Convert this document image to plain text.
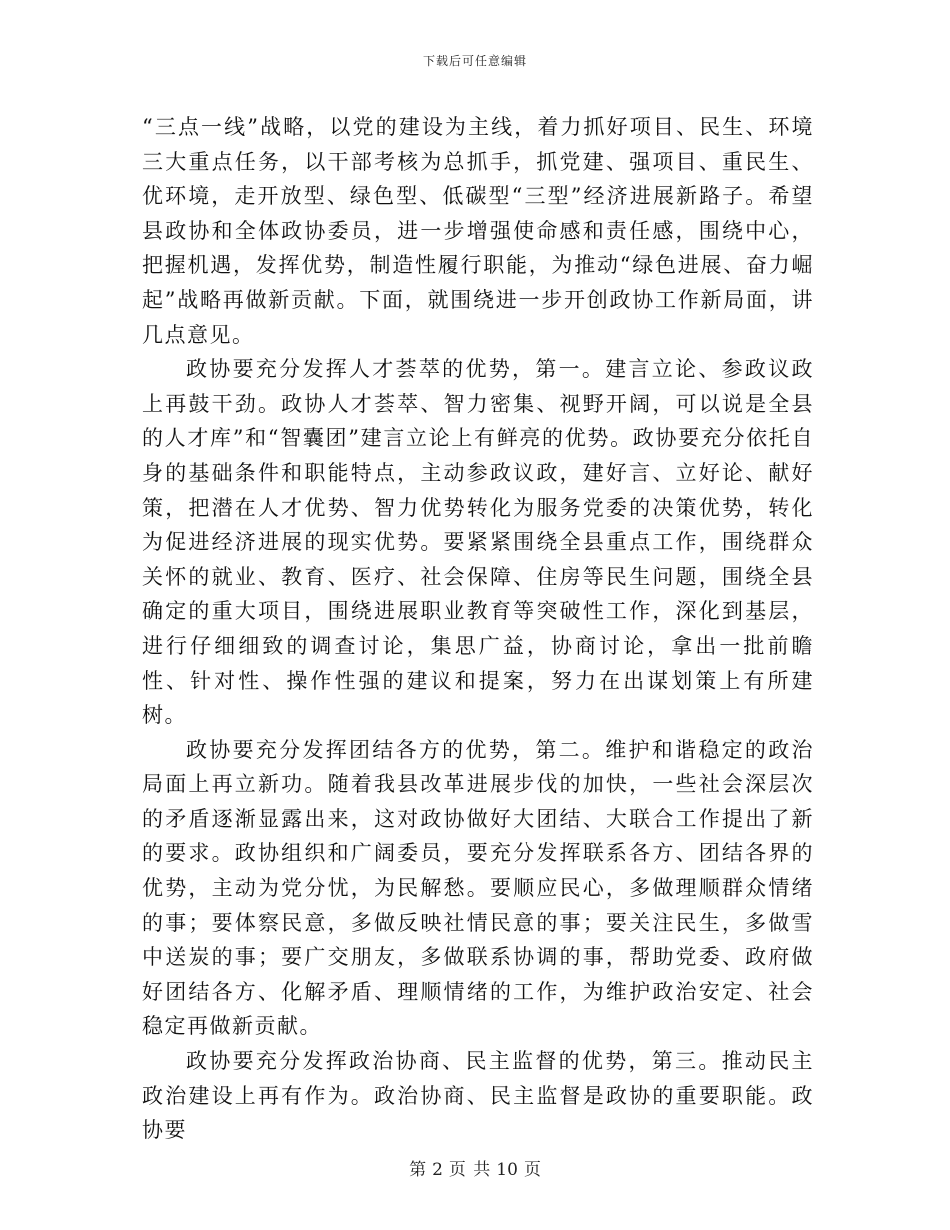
下载后可任意编辑

“三点一线”战略，以党的建设为主线，着力抓好项目、民生、环境三大重点任务，以干部考核为总抓手，抓党建、强项目、重民生、优环境，走开放型、绿色型、低碳型“三型”经济进展新路子。希望县政协和全体政协委员，进一步增强使命感和责任感，围绕中心，把握机遇，发挥优势，制造性履行职能，为推动“绿色进展、奋力崛起”战略再做新贡献。下面，就围绕进一步开创政协工作新局面，讲几点意见。

政协要充分发挥人才荟萃的优势，第一。建言立论、参政议政上再鼓干劲。政协人才荟萃、智力密集、视野开阔，可以说是全县的人才库”和“智囊团”建言立论上有鲜亮的优势。政协要充分依托自身的基础条件和职能特点，主动参政议政，建好言、立好论、献好策，把潜在人才优势、智力优势转化为服务党委的决策优势，转化为促进经济进展的现实优势。要紧紧围绕全县重点工作，围绕群众关怀的就业、教育、医疗、社会保障、住房等民生问题，围绕全县确定的重大项目，围绕进展职业教育等突破性工作，深化到基层，进行仔细细致的调查讨论，集思广益，协商讨论，拿出一批前瞻性、针对性、操作性强的建议和提案，努力在出谋划策上有所建树。

政协要充分发挥团结各方的优势，第二。维护和谐稳定的政治局面上再立新功。随着我县改革进展步伐的加快，一些社会深层次的矛盾逐渐显露出来，这对政协做好大团结、大联合工作提出了新的要求。政协组织和广阔委员，要充分发挥联系各方、团结各界的优势，主动为党分忧，为民解愁。要顺应民心，多做理顺群众情绪的事；要体察民意，多做反映社情民意的事；要关注民生，多做雪中送炭的事；要广交朋友，多做联系协调的事，帮助党委、政府做好团结各方、化解矛盾、理顺情绪的工作，为维护政治安定、社会稳定再做新贡献。

政协要充分发挥政治协商、民主监督的优势，第三。推动民主政治建设上再有作为。政治协商、民主监督是政协的重要职能。政协要

第 2 页 共 10 页
